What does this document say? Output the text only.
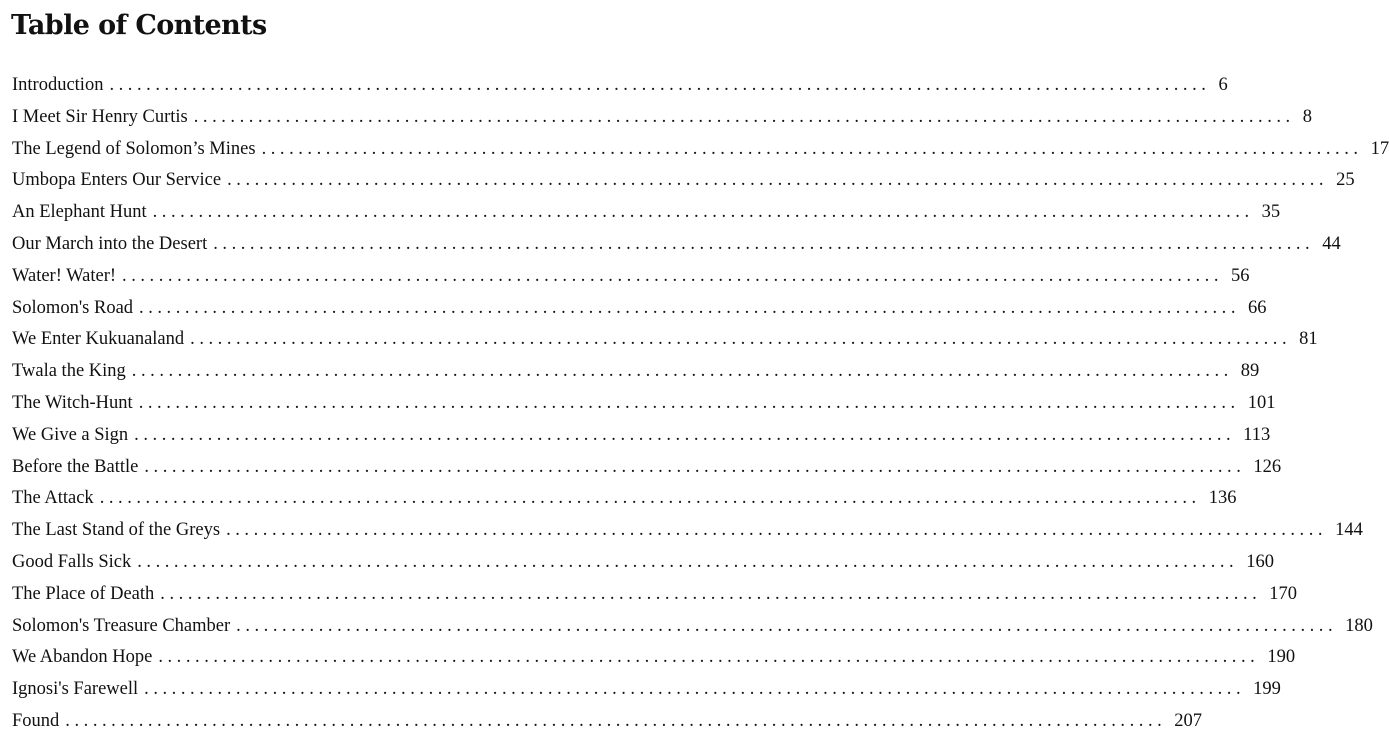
Table of Contents
Introduction ........................................................................................................................ 6
I Meet Sir Henry Curtis ........................................................................................................................ 8
The Legend of Solomon’s Mines ........................................................................................................................ 17
Umbopa Enters Our Service ........................................................................................................................ 25
An Elephant Hunt ........................................................................................................................ 35
Our March into the Desert ........................................................................................................................ 44
Water! Water! ........................................................................................................................ 56
Solomon's Road ........................................................................................................................ 66
We Enter Kukuanaland ........................................................................................................................ 81
Twala the King ........................................................................................................................ 89
The Witch-Hunt ........................................................................................................................ 101
We Give a Sign ........................................................................................................................ 113
Before the Battle ........................................................................................................................ 126
The Attack ........................................................................................................................ 136
The Last Stand of the Greys ........................................................................................................................ 144
Good Falls Sick ........................................................................................................................ 160
The Place of Death ........................................................................................................................ 170
Solomon's Treasure Chamber ........................................................................................................................ 180
We Abandon Hope ........................................................................................................................ 190
Ignosi's Farewell ........................................................................................................................ 199
Found ........................................................................................................................ 207
